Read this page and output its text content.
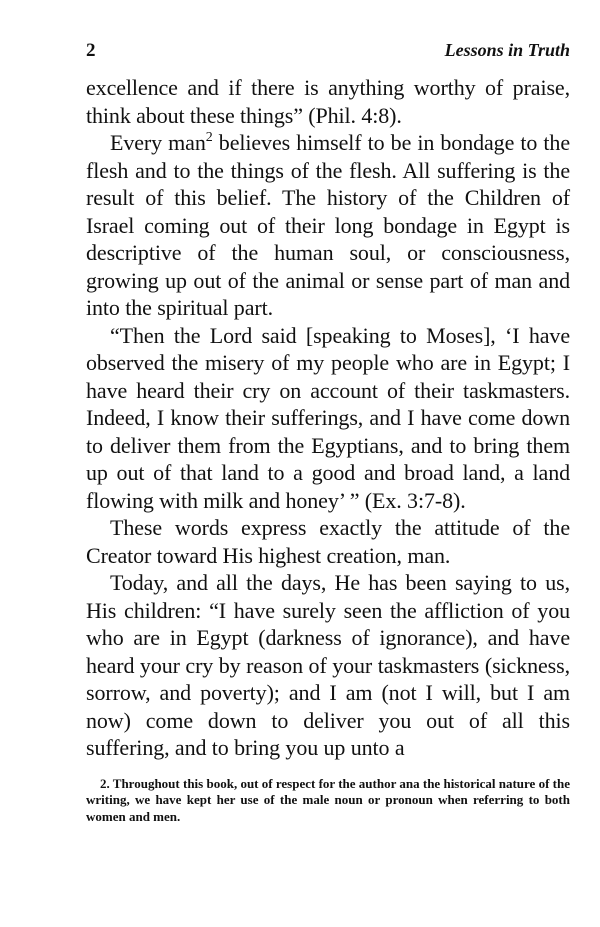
2	Lessons in Truth

excellence and if there is anything worthy of praise, think about these things” (Phil. 4:8).

Every man$^2$ believes himself to be in bondage to the flesh and to the things of the flesh. All suffering is the result of this belief. The history of the Children of Israel coming out of their long bondage in Egypt is descriptive of the human soul, or consciousness, growing up out of the animal or sense part of man and into the spiritual part.

“Then the Lord said [speaking to Moses], ‘I have observed the misery of my people who are in Egypt; I have heard their cry on account of their taskmasters. Indeed, I know their sufferings, and I have come down to deliver them from the Egyptians, and to bring them up out of that land to a good and broad land, a land flowing with milk and honey’ ” (Ex. 3:7-8).

These words express exactly the attitude of the Creator toward His highest creation, man.

Today, and all the days, He has been saying to us, His children: “I have surely seen the affliction of you who are in Egypt (darkness of ignorance), and have heard your cry by reason of your taskmasters (sickness, sorrow, and poverty); and I am (not I will, but I am now) come down to deliver you out of all this suffering, and to bring you up unto a

2. Throughout this book, out of respect for the author ana the historical nature of the writing, we have kept her use of the male noun or pronoun when referring to both women and men.
